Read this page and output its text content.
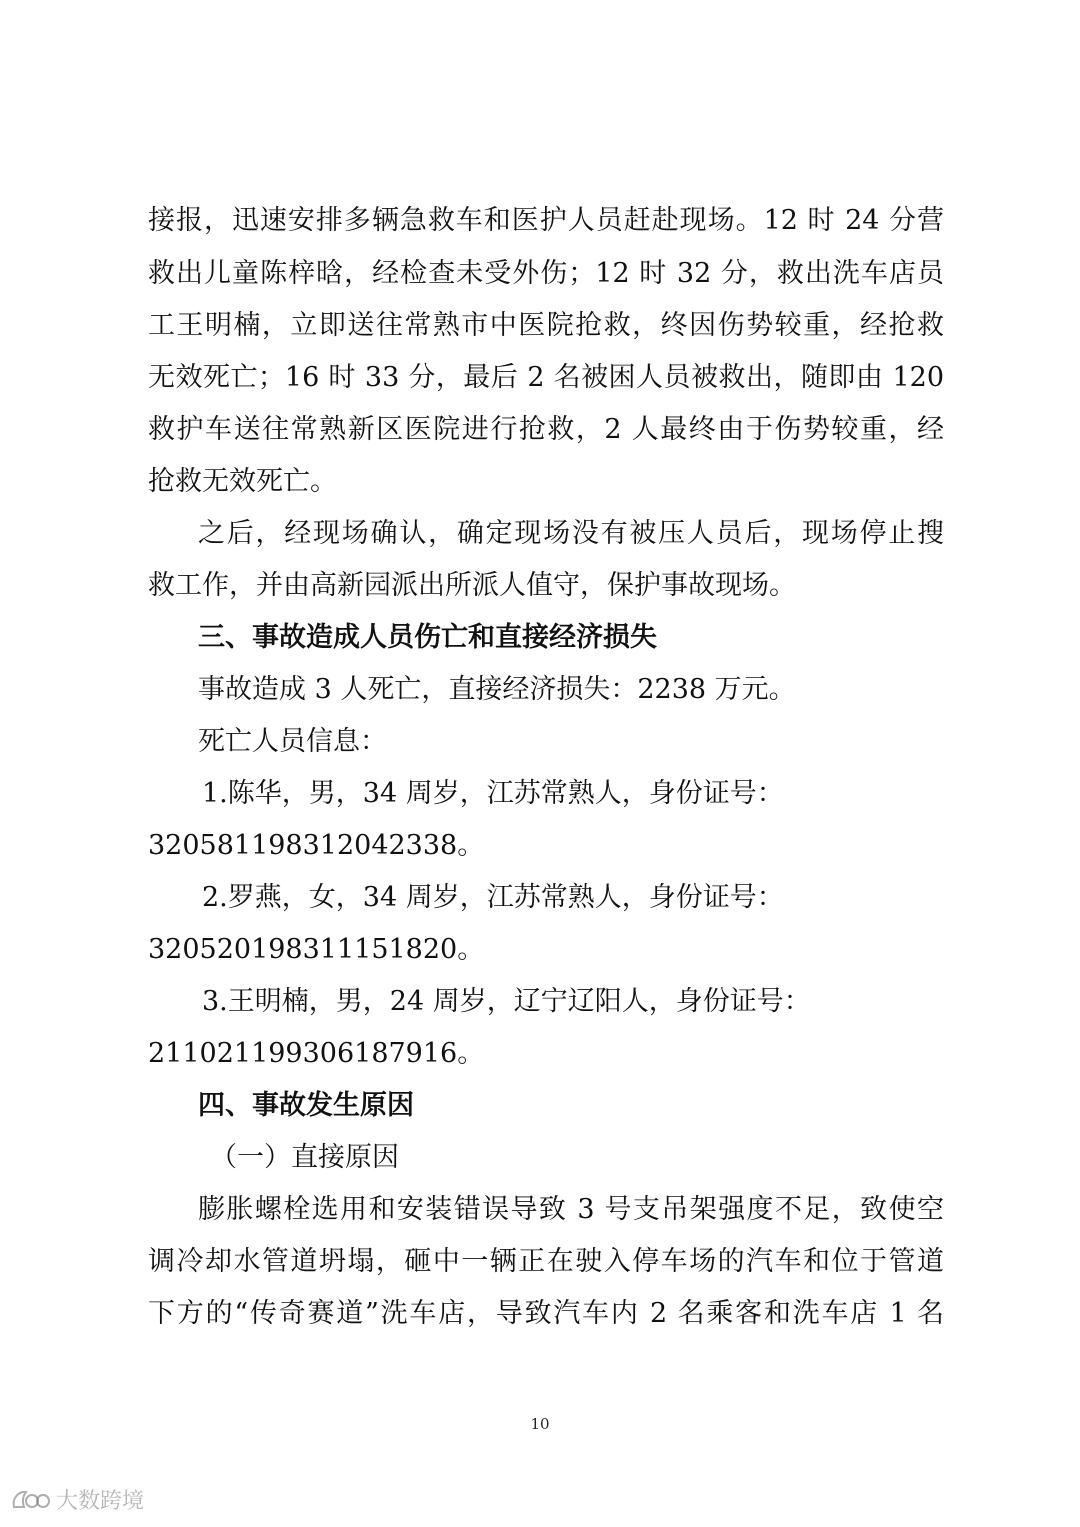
接报，迅速安排多辆急救车和医护人员赶赴现场。12 时 24 分营
救出儿童陈梓晗，经检查未受外伤；12 时 32 分，救出洗车店员
工王明楠，立即送往常熟市中医院抢救，终因伤势较重，经抢救
无效死亡；16 时 33 分，最后 2 名被困人员被救出，随即由 120
救护车送往常熟新区医院进行抢救，2 人最终由于伤势较重，经
抢救无效死亡。
之后，经现场确认，确定现场没有被压人员后，现场停止搜
救工作，并由高新园派出所派人值守，保护事故现场。
三、事故造成人员伤亡和直接经济损失
事故造成 3 人死亡，直接经济损失：2238 万元。
死亡人员信息：
1.陈华，男，34 周岁，江苏常熟人，身份证号：
320581198312042338。
2.罗燕，女，34 周岁，江苏常熟人，身份证号：
320520198311151820。
3.王明楠，男，24 周岁，辽宁辽阳人，身份证号：
211021199306187916。
四、事故发生原因
（一）直接原因
膨胀螺栓选用和安装错误导致 3 号支吊架强度不足，致使空
调冷却水管道坍塌，砸中一辆正在驶入停车场的汽车和位于管道
下方的“传奇赛道”洗车店，导致汽车内 2 名乘客和洗车店 1 名
10
大数跨境
